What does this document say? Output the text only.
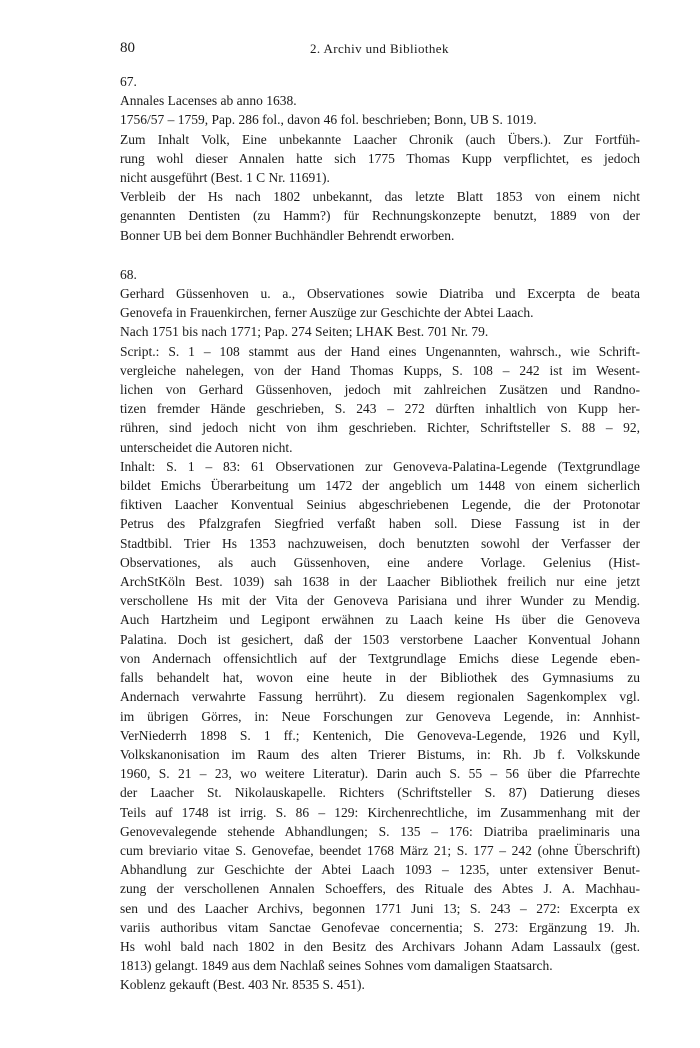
80	2. Archiv und Bibliothek
67.
Annales Lacenses ab anno 1638.
1756/57 – 1759, Pap. 286 fol., davon 46 fol. beschrieben; Bonn, UB S. 1019.
Zum Inhalt Volk, Eine unbekannte Laacher Chronik (auch Übers.). Zur Fortfüh-
rung wohl dieser Annalen hatte sich 1775 Thomas Kupp verpflichtet, es jedoch
nicht ausgeführt (Best. 1 C Nr. 11691).
Verbleib der Hs nach 1802 unbekannt, das letzte Blatt 1853 von einem nicht
genannten Dentisten (zu Hamm?) für Rechnungskonzepte benutzt, 1889 von der
Bonner UB bei dem Bonner Buchhändler Behrendt erworben.
68.
Gerhard Güssenhoven u. a., Observationes sowie Diatriba und Excerpta de beata
Genovefa in Frauenkirchen, ferner Auszüge zur Geschichte der Abtei Laach.
Nach 1751 bis nach 1771; Pap. 274 Seiten; LHAK Best. 701 Nr. 79.
Script.: S. 1 – 108 stammt aus der Hand eines Ungenannten, wahrsch., wie Schrift-
vergleiche nahelegen, von der Hand Thomas Kupps, S. 108 – 242 ist im Wesent-
lichen von Gerhard Güssenhoven, jedoch mit zahlreichen Zusätzen und Randno-
tizen fremder Hände geschrieben, S. 243 – 272 dürften inhaltlich von Kupp her-
rühren, sind jedoch nicht von ihm geschrieben. Richter, Schriftsteller S. 88 – 92,
unterscheidet die Autoren nicht.
Inhalt: S. 1 – 83: 61 Observationen zur Genoveva-Palatina-Legende (Textgrundlage
bildet Emichs Überarbeitung um 1472 der angeblich um 1448 von einem sicherlich
fiktiven Laacher Konventual Seinius abgeschriebenen Legende, die der Protonotar
Petrus des Pfalzgrafen Siegfried verfaßt haben soll. Diese Fassung ist in der
Stadtbibl. Trier Hs 1353 nachzuweisen, doch benutzten sowohl der Verfasser der
Observationes, als auch Güssenhoven, eine andere Vorlage. Gelenius (Hist-
ArchStKöln Best. 1039) sah 1638 in der Laacher Bibliothek freilich nur eine jetzt
verschollene Hs mit der Vita der Genoveva Parisiana und ihrer Wunder zu Mendig.
Auch Hartzheim und Legipont erwähnen zu Laach keine Hs über die Genoveva
Palatina. Doch ist gesichert, daß der 1503 verstorbene Laacher Konventual Johann
von Andernach offensichtlich auf der Textgrundlage Emichs diese Legende eben-
falls behandelt hat, wovon eine heute in der Bibliothek des Gymnasiums zu
Andernach verwahrte Fassung herrührt). Zu diesem regionalen Sagenkomplex vgl.
im übrigen Görres, in: Neue Forschungen zur Genoveva Legende, in: Annhist-
VerNiederrh 1898 S. 1 ff.; Kentenich, Die Genoveva-Legende, 1926 und Kyll,
Volkskanonisation im Raum des alten Trierer Bistums, in: Rh. Jb f. Volkskunde
1960, S. 21 – 23, wo weitere Literatur). Darin auch S. 55 – 56 über die Pfarrechte
der Laacher St. Nikolauskapelle. Richters (Schriftsteller S. 87) Datierung dieses
Teils auf 1748 ist irrig. S. 86 – 129: Kirchenrechtliche, im Zusammenhang mit der
Genovevalegende stehende Abhandlungen; S. 135 – 176: Diatriba praeliminaris una
cum breviario vitae S. Genovefae, beendet 1768 März 21; S. 177 – 242 (ohne Überschrift)
Abhandlung zur Geschichte der Abtei Laach 1093 – 1235, unter extensiver Benut-
zung der verschollenen Annalen Schoeffers, des Rituale des Abtes J. A. Machhau-
sen und des Laacher Archivs, begonnen 1771 Juni 13; S. 243 – 272: Excerpta ex
variis authoribus vitam Sanctae Genofevae concernentia; S. 273: Ergänzung 19. Jh.
Hs wohl bald nach 1802 in den Besitz des Archivars Johann Adam Lassaulx (gest.
1813) gelangt. 1849 aus dem Nachlaß seines Sohnes vom damaligen Staatsarch.
Koblenz gekauft (Best. 403 Nr. 8535 S. 451).
